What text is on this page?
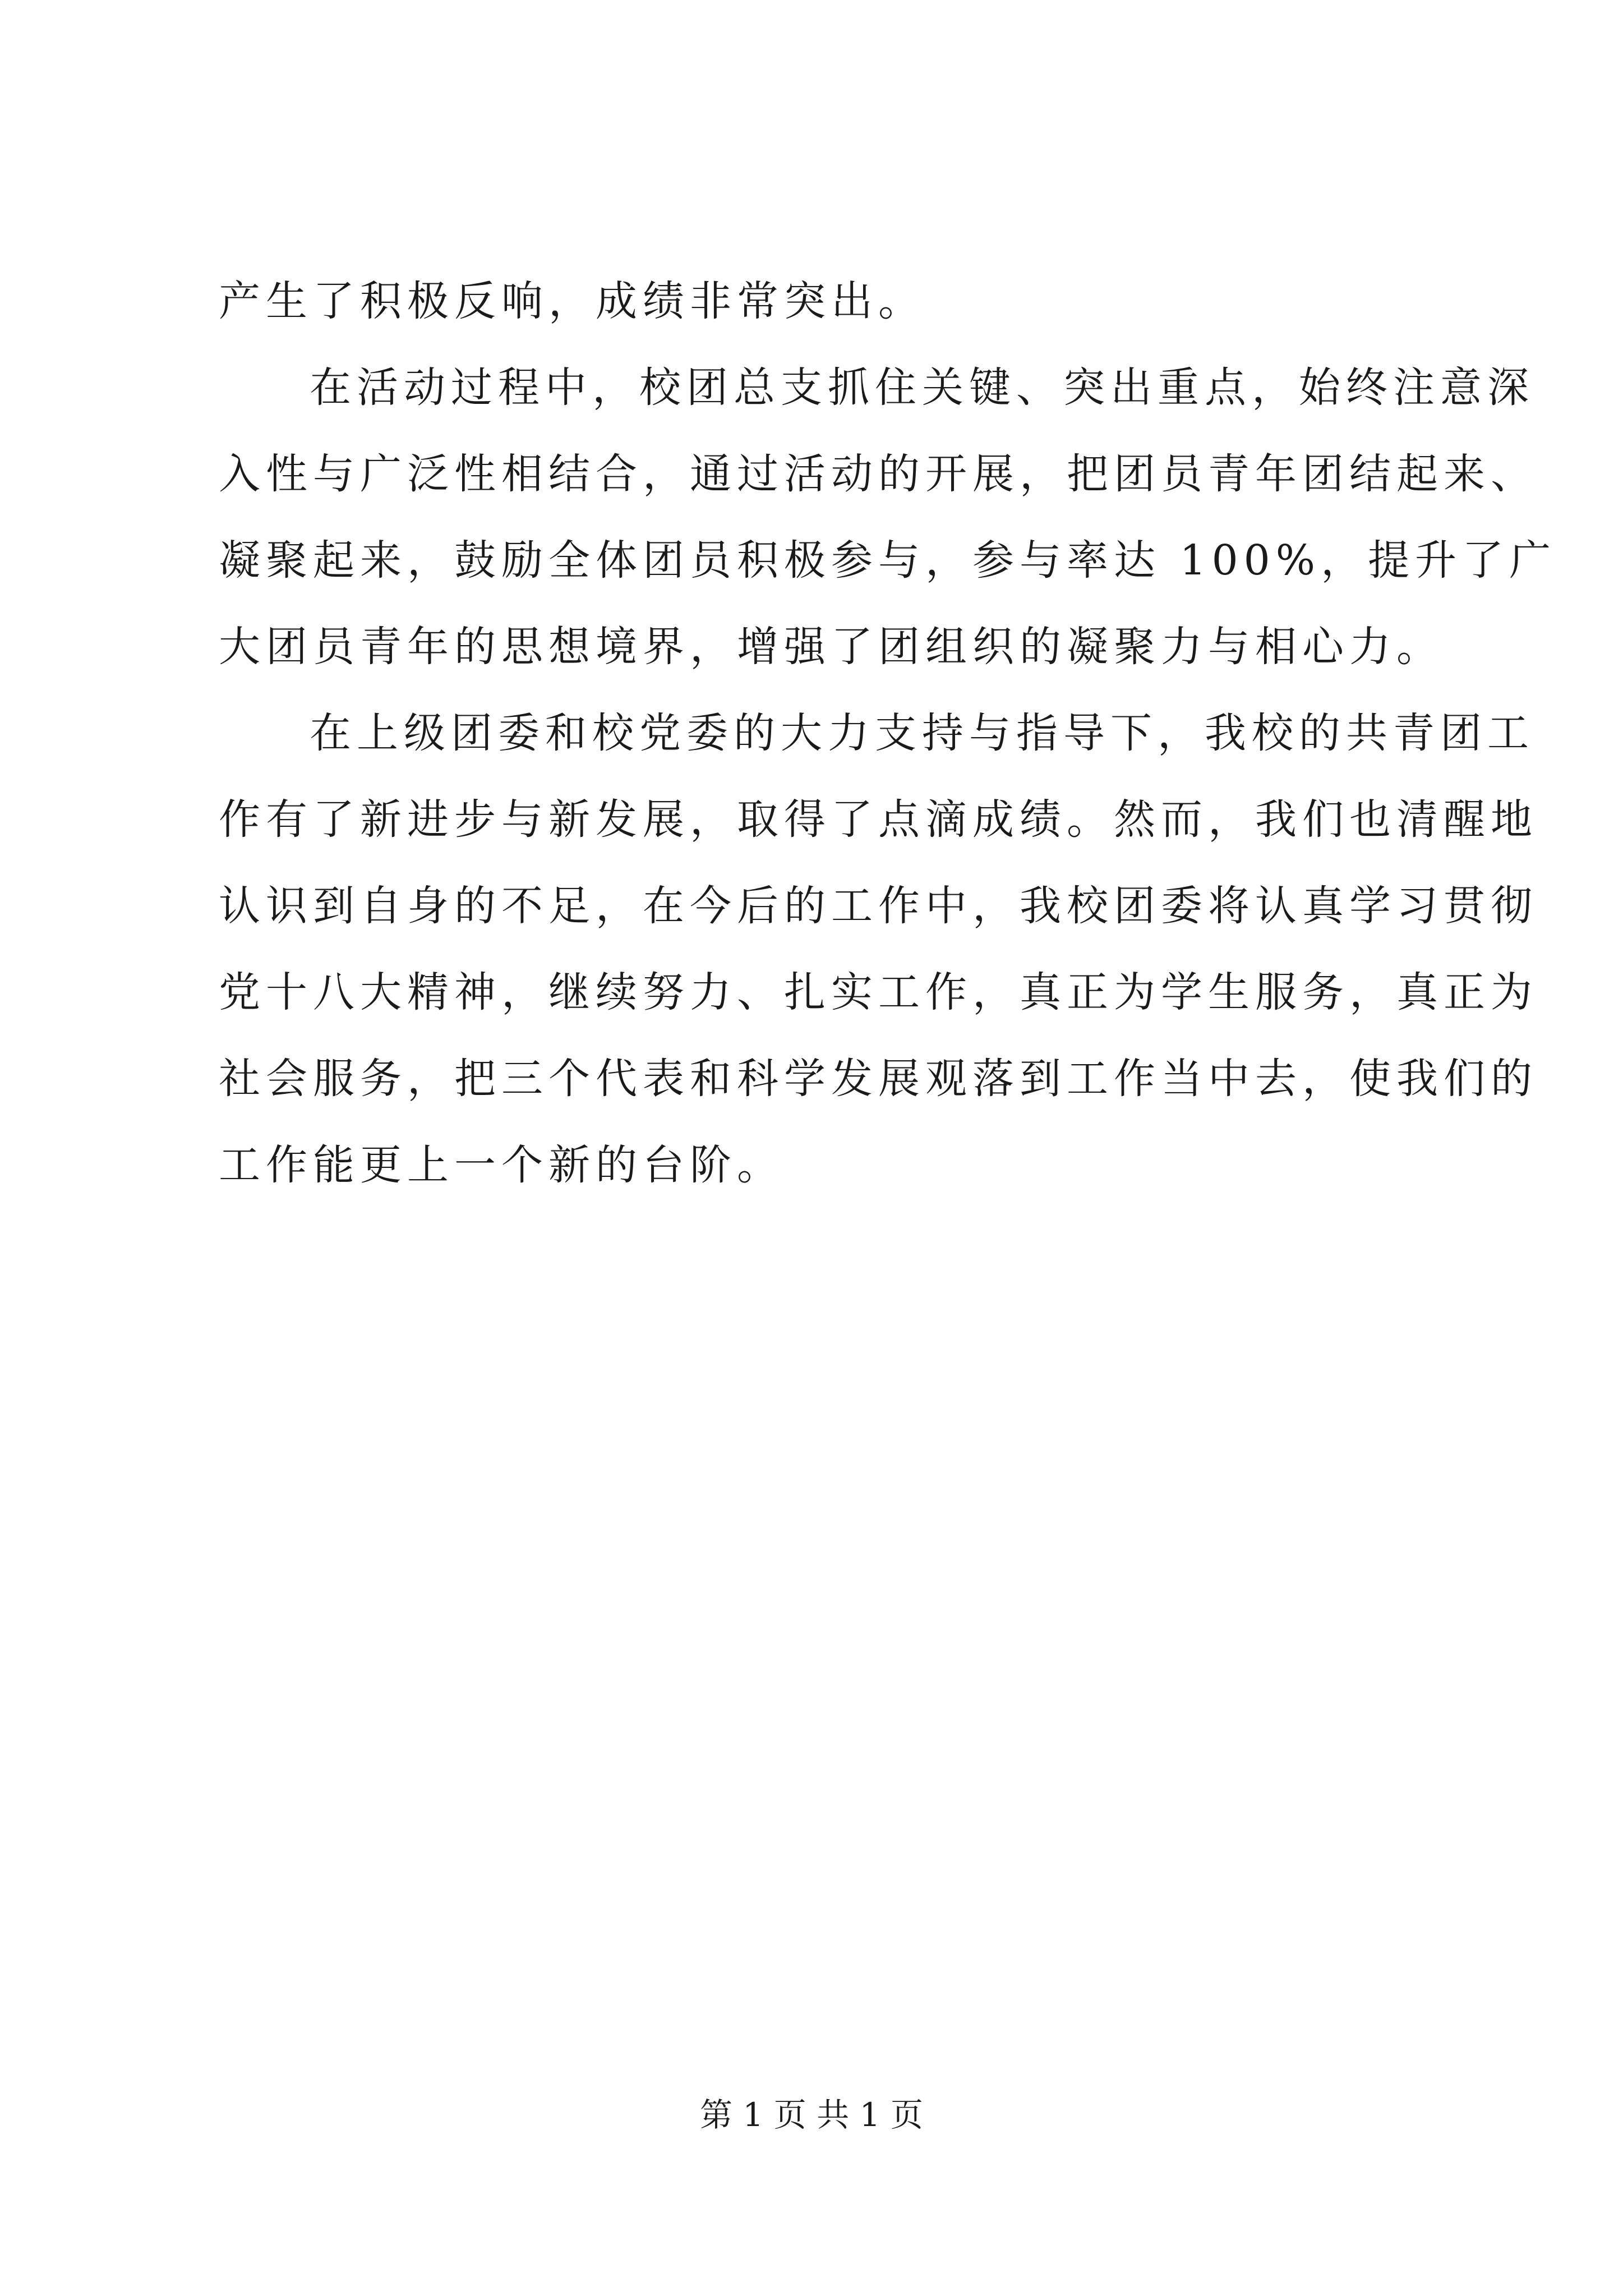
产生了积极反响，成绩非常突出。
在活动过程中，校团总支抓住关键、突出重点，始终注意深
入性与广泛性相结合，通过活动的开展，把团员青年团结起来、
凝聚起来，鼓励全体团员积极参与，参与率达 100%，提升了广
大团员青年的思想境界，增强了团组织的凝聚力与相心力。
在上级团委和校党委的大力支持与指导下，我校的共青团工
作有了新进步与新发展，取得了点滴成绩。然而，我们也清醒地
认识到自身的不足，在今后的工作中，我校团委将认真学习贯彻
党十八大精神，继续努力、扎实工作，真正为学生服务，真正为
社会服务，把三个代表和科学发展观落到工作当中去，使我们的
工作能更上一个新的台阶。
第 1 页 共 1 页
